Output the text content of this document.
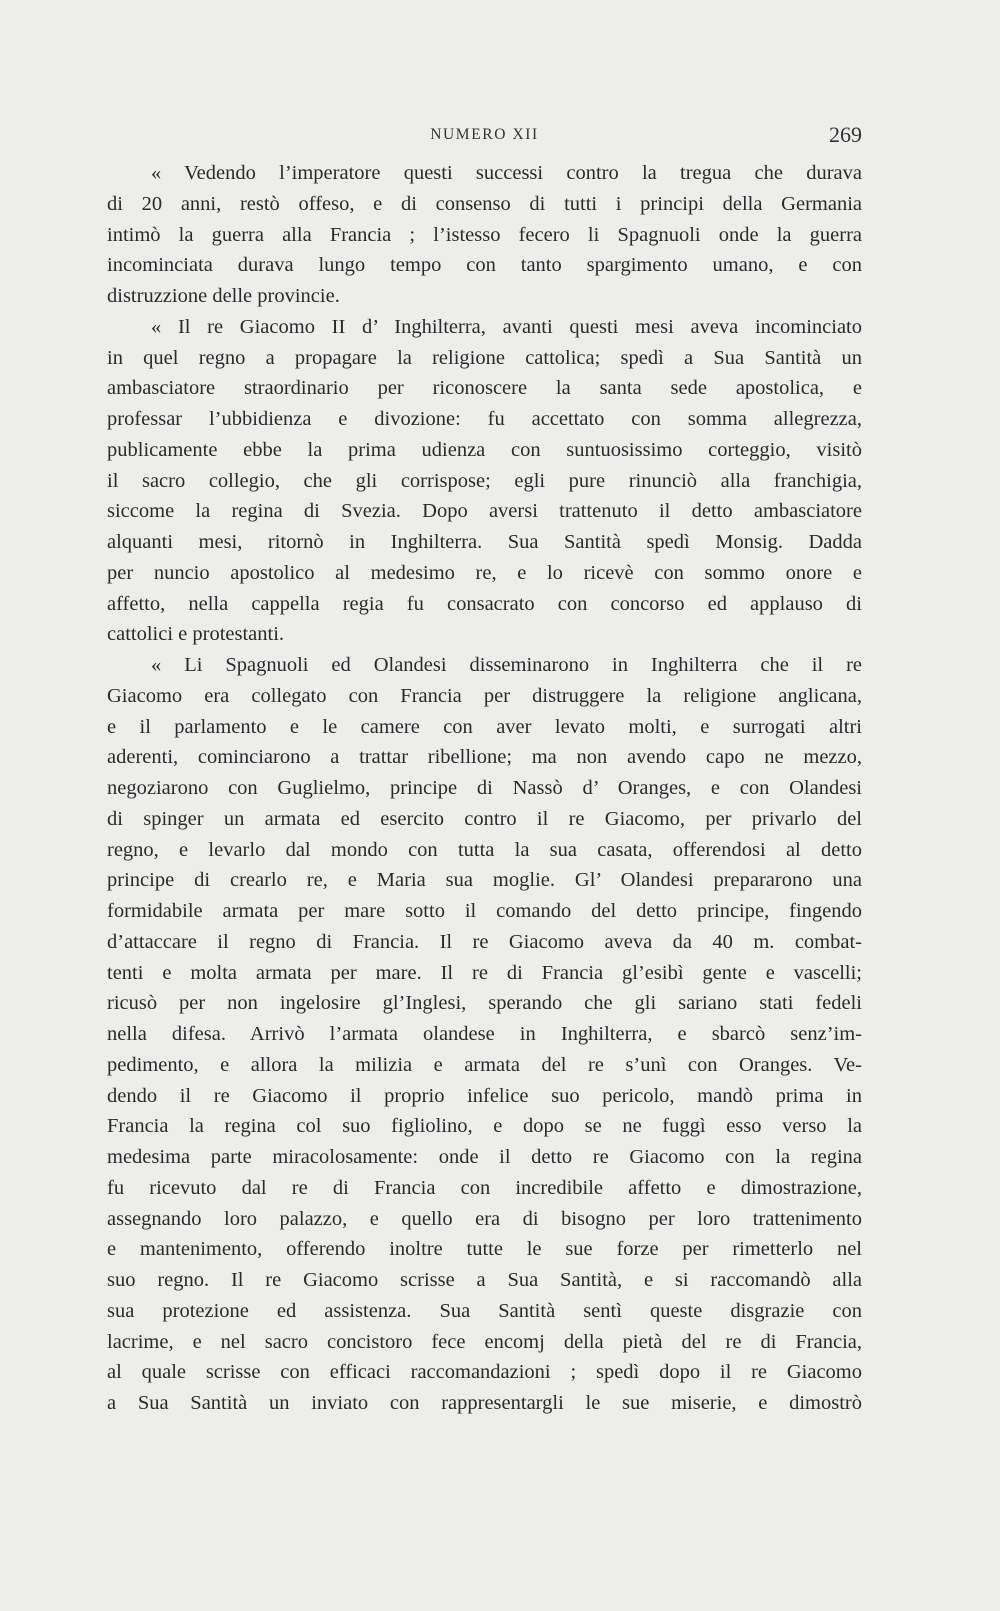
NUMERO XII	269
« Vedendo l’imperatore questi successi contro la tregua che durava
di 20 anni, restò offeso, e di consenso di tutti i principi della Germania
intimò la guerra alla Francia ; l’istesso fecero li Spagnuoli onde la guerra
incominciata durava lungo tempo con tanto spargimento umano, e con
distruzzione delle provincie.
« Il re Giacomo II d’ Inghilterra, avanti questi mesi aveva incominciato
in quel regno a propagare la religione cattolica; spedì a Sua Santità un
ambasciatore straordinario per riconoscere la santa sede apostolica, e
professar l’ubbidienza e divozione: fu accettato con somma allegrezza,
publicamente ebbe la prima udienza con suntuosissimo corteggio, visitò
il sacro collegio, che gli corrispose; egli pure rinunciò alla franchigia,
siccome la regina di Svezia. Dopo aversi trattenuto il detto ambasciatore
alquanti mesi, ritornò in Inghilterra. Sua Santità spedì Monsig. Dadda
per nuncio apostolico al medesimo re, e lo ricevè con sommo onore e
affetto, nella cappella regia fu consacrato con concorso ed applauso di
cattolici e protestanti.
« Li Spagnuoli ed Olandesi disseminarono in Inghilterra che il re
Giacomo era collegato con Francia per distruggere la religione anglicana,
e il parlamento e le camere con aver levato molti, e surrogati altri
aderenti, cominciarono a trattar ribellione; ma non avendo capo ne mezzo,
negoziarono con Guglielmo, principe di Nassò d’ Oranges, e con Olandesi
di spinger un armata ed esercito contro il re Giacomo, per privarlo del
regno, e levarlo dal mondo con tutta la sua casata, offerendosi al detto
principe di crearlo re, e Maria sua moglie. Gl’ Olandesi prepararono una
formidabile armata per mare sotto il comando del detto principe, fingendo
d’attaccare il regno di Francia. Il re Giacomo aveva da 40 m. combat-
tenti e molta armata per mare. Il re di Francia gl’esibì gente e vascelli;
ricusò per non ingelosire gl’Inglesi, sperando che gli sariano stati fedeli
nella difesa. Arrivò l’armata olandese in Inghilterra, e sbarcò senz’im-
pedimento, e allora la milizia e armata del re s’unì con Oranges. Ve-
dendo il re Giacomo il proprio infelice suo pericolo, mandò prima in
Francia la regina col suo figliolino, e dopo se ne fuggì esso verso la
medesima parte miracolosamente: onde il detto re Giacomo con la regina
fu ricevuto dal re di Francia con incredibile affetto e dimostrazione,
assegnando loro palazzo, e quello era di bisogno per loro trattenimento
e mantenimento, offerendo inoltre tutte le sue forze per rimetterlo nel
suo regno. Il re Giacomo scrisse a Sua Santità, e si raccomandò alla
sua protezione ed assistenza. Sua Santità sentì queste disgrazie con
lacrime, e nel sacro concistoro fece encomj della pietà del re di Francia,
al quale scrisse con efficaci raccomandazioni ; spedì dopo il re Giacomo
a Sua Santità un inviato con rappresentargli le sue miserie, e dimostrò
